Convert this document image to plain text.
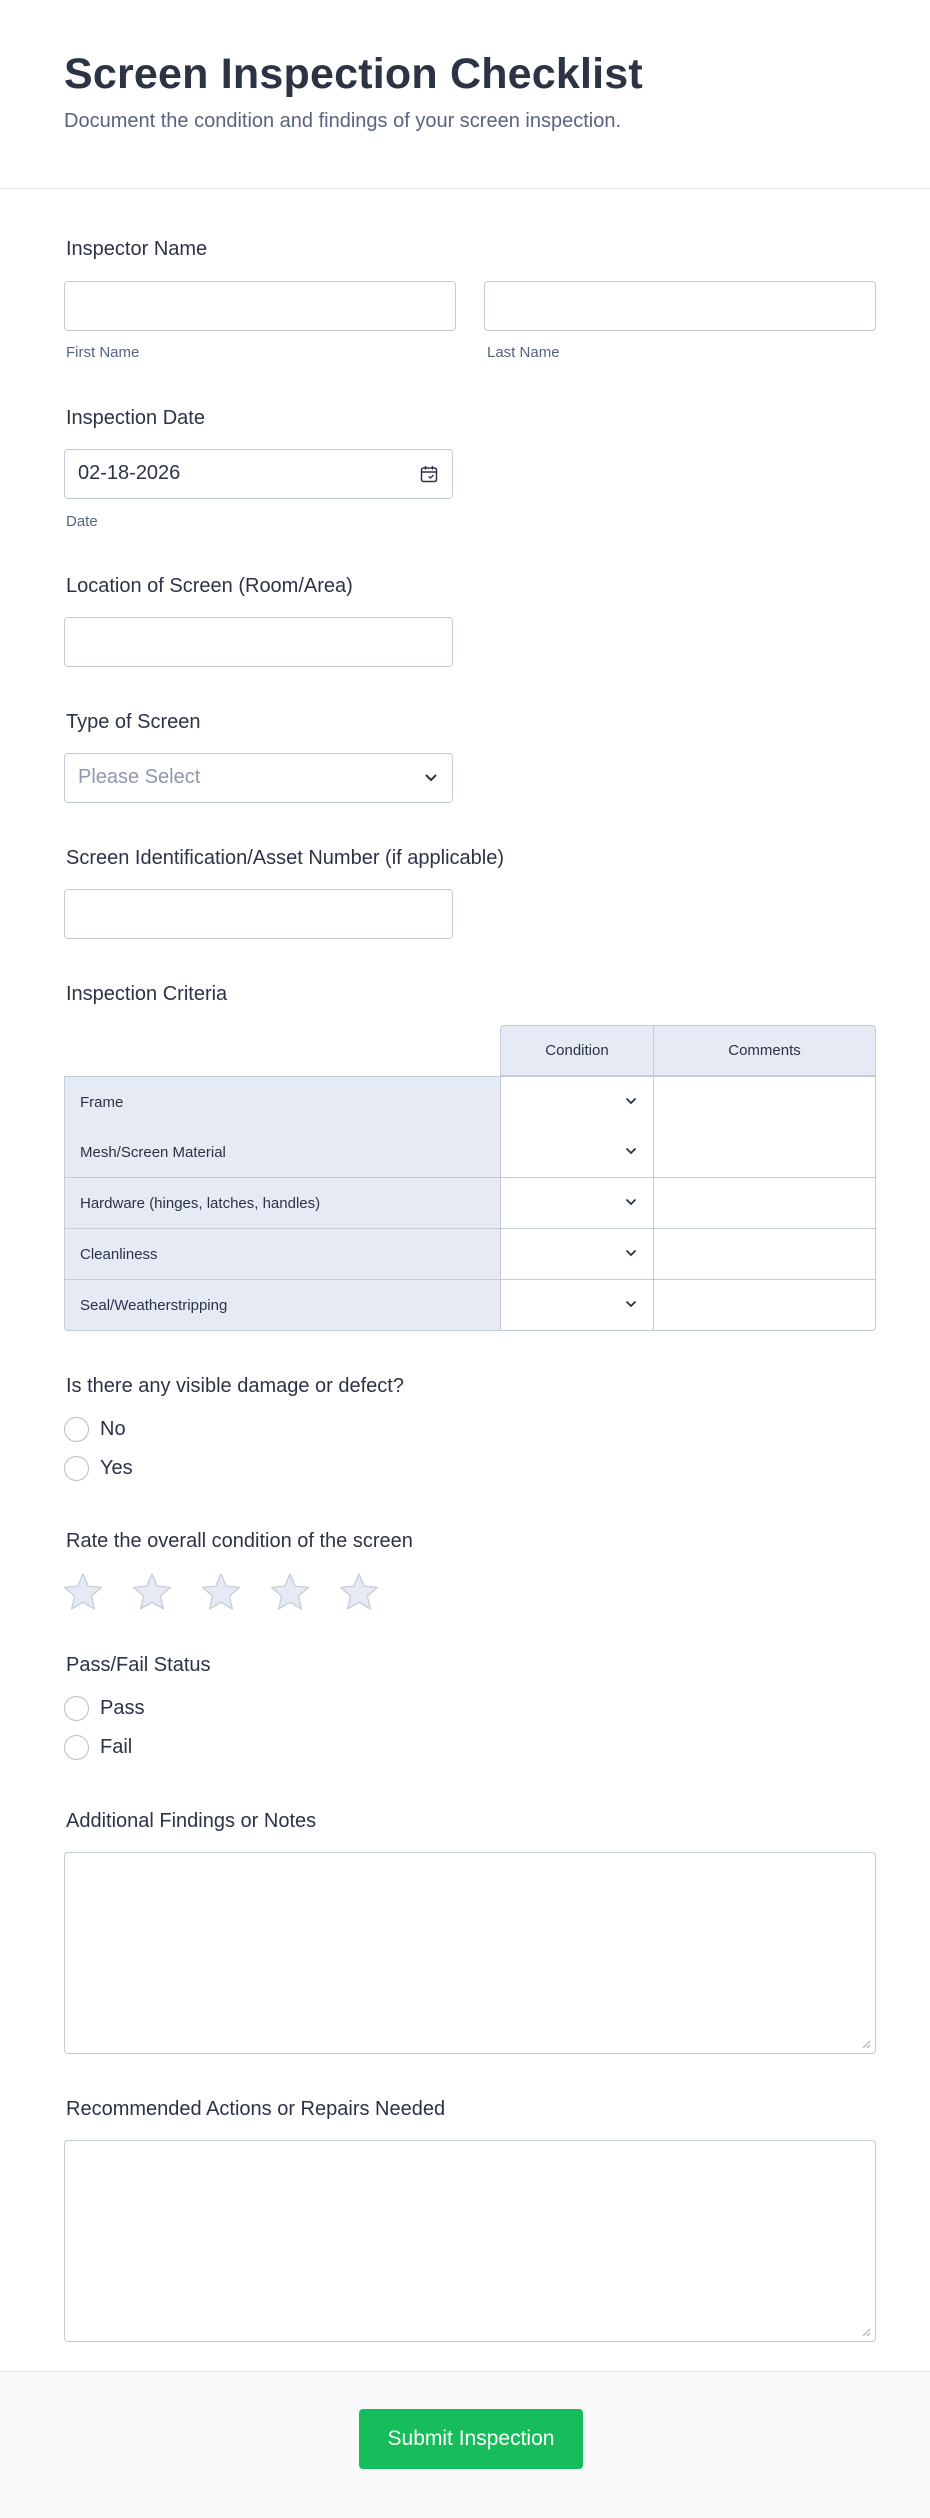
Screen Inspection Checklist
Document the condition and findings of your screen inspection.
Inspector Name
First Name	Last Name
Inspection Date
02-18-2026
Date
Location of Screen (Room/Area)
Type of Screen
Please Select
Screen Identification/Asset Number (if applicable)
Inspection Criteria
Condition	Comments
Frame
Mesh/Screen Material
Hardware (hinges, latches, handles)
Cleanliness
Seal/Weatherstripping
Is there any visible damage or defect?
No
Yes
Rate the overall condition of the screen
Pass/Fail Status
Pass
Fail
Additional Findings or Notes
Recommended Actions or Repairs Needed
Submit Inspection
